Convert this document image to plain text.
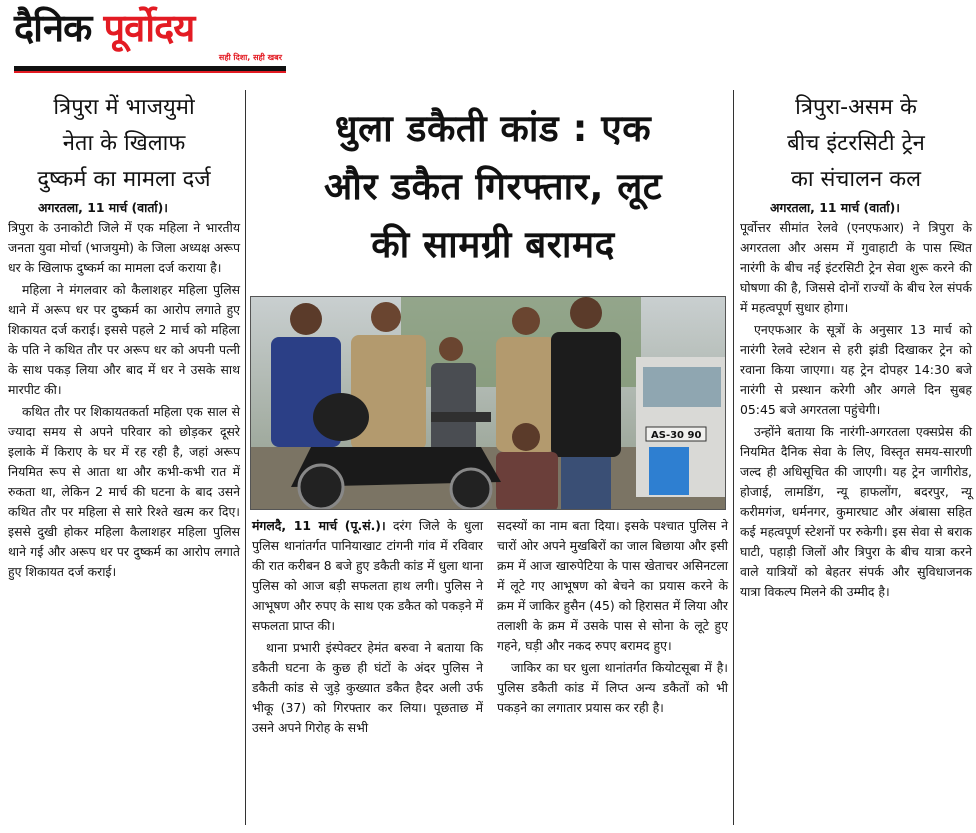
दैनिक पूर्वोदय
सही दिशा, सही खबर
त्रिपुरा में भाजयुमो
नेता के खिलाफ
दुष्कर्म का मामला दर्ज
अगरतला, 11 मार्च (वार्ता)।

त्रिपुरा के उनाकोटी जिले में एक महिला ने भारतीय जनता युवा मोर्चा (भाजयुमो) के जिला अध्यक्ष अरूप धर के खिलाफ दुष्कर्म का मामला दर्ज कराया है।

महिला ने मंगलवार को कैलाशहर महिला पुलिस थाने में अरूप धर पर दुष्कर्म का आरोप लगाते हुए शिकायत दर्ज कराई। इससे पहले 2 मार्च को महिला के पति ने कथित तौर पर अरूप धर को अपनी पत्नी के साथ पकड़ लिया और बाद में धर ने उसके साथ मारपीट की।

कथित तौर पर शिकायतकर्ता महिला एक साल से ज्यादा समय से अपने परिवार को छोड़कर दूसरे इलाके में किराए के घर में रह रही है, जहां अरूप नियमित रूप से आता था और कभी-कभी रात में रुकता था, लेकिन 2 मार्च की घटना के बाद उसने कथित तौर पर महिला से सारे रिश्ते खत्म कर दिए। इससे दुखी होकर महिला कैलाशहर महिला पुलिस थाने गई और अरूप धर पर दुष्कर्म का आरोप लगाते हुए शिकायत दर्ज कराई।

धुला डकैती कांड : एक
और डकैत गिरफ्तार, लूट
की सामग्री बरामद
AS-30 90

मंगलदै, 11 मार्च (पू.सं.)। दरंग जिले के धुला पुलिस थानांतर्गत पानियाखाट टांगनी गांव में रविवार की रात करीबन 8 बजे हुए डकैती कांड में धुला थाना पुलिस को आज बड़ी सफलता हाथ लगी। पुलिस ने आभूषण और रुपए के साथ एक डकैत को पकड़ने में सफलता प्राप्त की।

थाना प्रभारी इंस्पेक्टर हेमंत बरुवा ने बताया कि डकैती घटना के कुछ ही घंटों के अंदर पुलिस ने डकैती कांड से जुड़े कुख्यात डकैत हैदर अली उर्फ भीकू (37) को गिरफ्तार कर लिया। पूछताछ में उसने अपने गिरोह के सभी

सदस्यों का नाम बता दिया। इसके पश्चात पुलिस ने चारों ओर अपने मुखबिरों का जाल बिछाया और इसी क्रम में आज खारुपेटिया के पास खेताचर असिनटला में लूटे गए आभूषण को बेचने का प्रयास करने के क्रम में जाकिर हुसैन (45) को हिरासत में लिया और तलाशी के क्रम में उसके पास से सोना के लूटे हुए गहने, घड़ी और नकद रुपए बरामद हुए।

जाकिर का घर धुला थानांतर्गत कियोटसूबा में है। पुलिस डकैती कांड में लिप्त अन्य डकैतों को भी पकड़ने का लगातार प्रयास कर रही है।

त्रिपुरा-असम के
बीच इंटरसिटी ट्रेन
का संचालन कल
अगरतला, 11 मार्च (वार्ता)।

पूर्वोत्तर सीमांत रेलवे (एनएफआर) ने त्रिपुरा के अगरतला और असम में गुवाहाटी के पास स्थित नारंगी के बीच नई इंटरसिटी ट्रेन सेवा शुरू करने की घोषणा की है, जिससे दोनों राज्यों के बीच रेल संपर्क में महत्वपूर्ण सुधार होगा।

एनएफआर के सूत्रों के अनुसार 13 मार्च को नारंगी रेलवे स्टेशन से हरी झंडी दिखाकर ट्रेन को रवाना किया जाएगा। यह ट्रेन दोपहर 14:30 बजे नारंगी से प्रस्थान करेगी और अगले दिन सुबह 05:45 बजे अगरतला पहुंचेगी।

उन्होंने बताया कि नारंगी-अगरतला एक्सप्रेस की नियमित दैनिक सेवा के लिए, विस्तृत समय-सारणी जल्द ही अधिसूचित की जाएगी। यह ट्रेन जागीरोड, होजाई, लामडिंग, न्यू हाफलोंग, बदरपुर, न्यू करीमगंज, धर्मनगर, कुमारघाट और अंबासा सहित कई महत्वपूर्ण स्टेशनों पर रुकेगी। इस सेवा से बराक घाटी, पहाड़ी जिलों और त्रिपुरा के बीच यात्रा करने वाले यात्रियों को बेहतर संपर्क और सुविधाजनक यात्रा विकल्प मिलने की उम्मीद है।
